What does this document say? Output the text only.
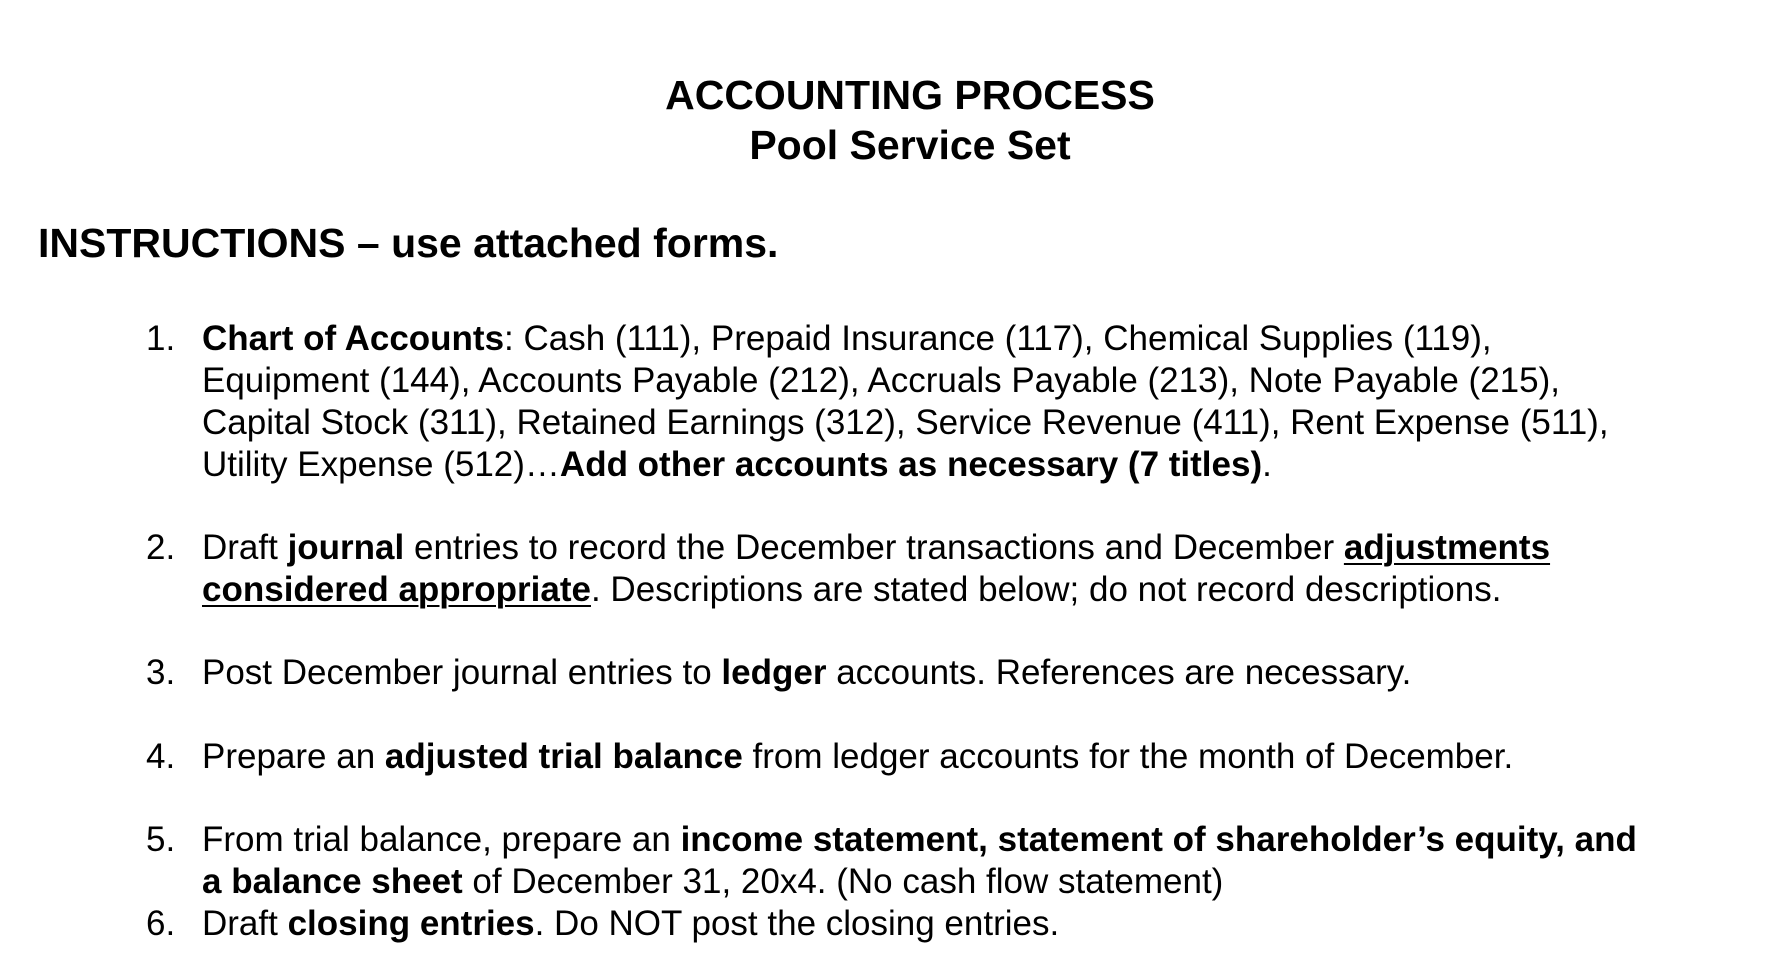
ACCOUNTING PROCESS
Pool Service Set
INSTRUCTIONS – use attached forms.
1. Chart of Accounts: Cash (111), Prepaid Insurance (117), Chemical Supplies (119),
Equipment (144), Accounts Payable (212), Accruals Payable (213), Note Payable (215),
Capital Stock (311), Retained Earnings (312), Service Revenue (411), Rent Expense (511),
Utility Expense (512)…Add other accounts as necessary (7 titles).
2. Draft journal entries to record the December transactions and December adjustments
considered appropriate. Descriptions are stated below; do not record descriptions.
3. Post December journal entries to ledger accounts. References are necessary.
4. Prepare an adjusted trial balance from ledger accounts for the month of December.
5. From trial balance, prepare an income statement, statement of shareholder’s equity, and
a balance sheet of December 31, 20x4. (No cash flow statement)
6. Draft closing entries. Do NOT post the closing entries.
